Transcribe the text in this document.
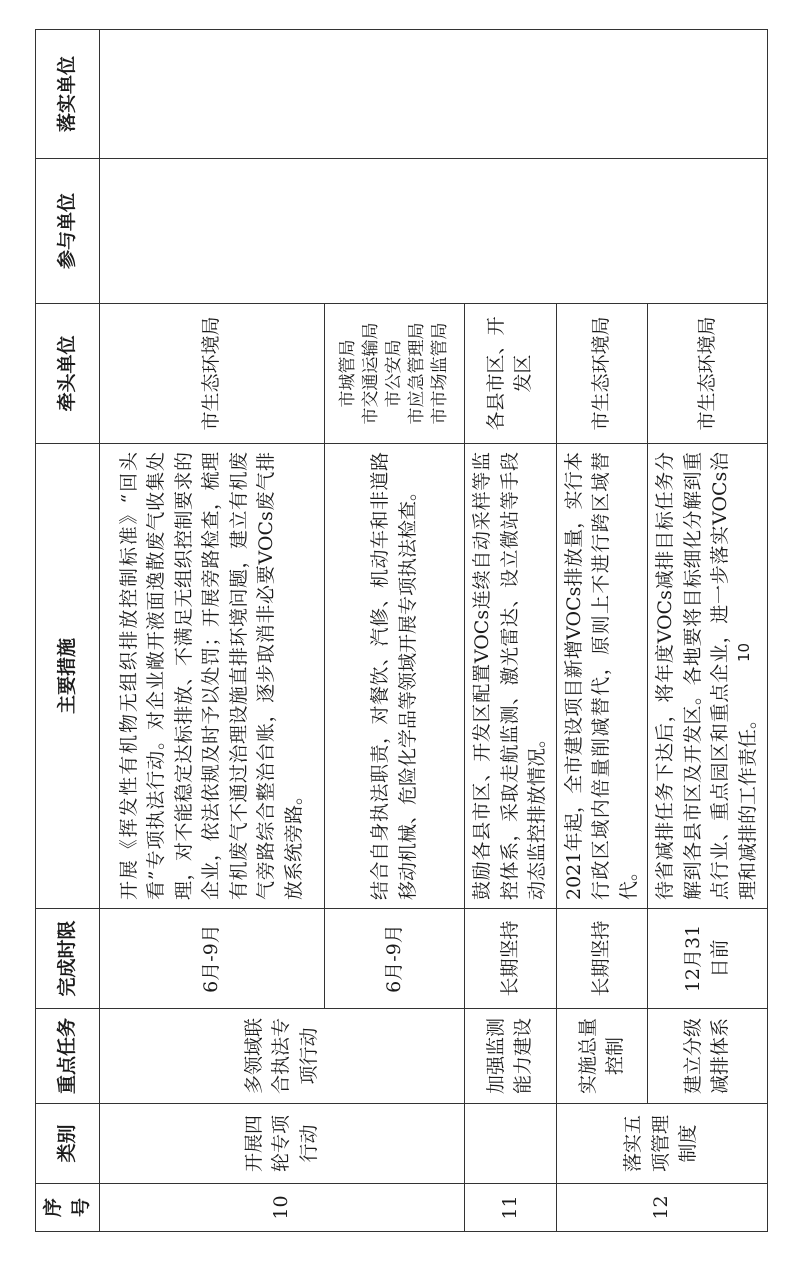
序号	类别	重点任务	完成时限	主要措施	牵头单位	参与单位	落实单位
10	开展四轮专项行动	多领域联合执法专项行动	6月-9月	开展《挥发性有机物无组织排放控制标准》“回头看”专项执法行动。对企业敞开液面逸散废气收集处理，对不能稳定达标排放、不满足无组织控制要求的企业，依法依规及时予以处罚；开展旁路检查，梳理有机废气不通过治理设施直排环境问题，建立有机废气旁路综合整治台账，逐步取消非必要VOCs废气排放系统旁路。	市生态环境局		
			6月-9月	结合自身执法职责，对餐饮、汽修、机动车和非道路移动机械、危险化学品等领域开展专项执法检查。	市城管局 市交通运输局 市公安局 市应急管理局 市市场监管局		

11		加强监测能力建设	长期坚持	鼓励各县市区、开发区配置VOCs连续自动采样等监控体系，采取走航监测、激光雷达、设立微站等手段动态监控排放情况。	各县市区、开发区		
12	落实五项管理制度	实施总量控制	长期坚持	2021年起，全市建设项目新增VOCs排放量，实行本行政区域内倍量削减替代，原则上不进行跨区域替代。	市生态环境局		
		建立分级减排体系	12月31日前	待省减排任务下达后，将年度VOCs减排目标任务分解到各县市区及开发区。各地要将目标细化分解到重点行业、重点园区和重点企业，进一步落实VOCs治理和减排的工作责任。	市生态环境局		
10
